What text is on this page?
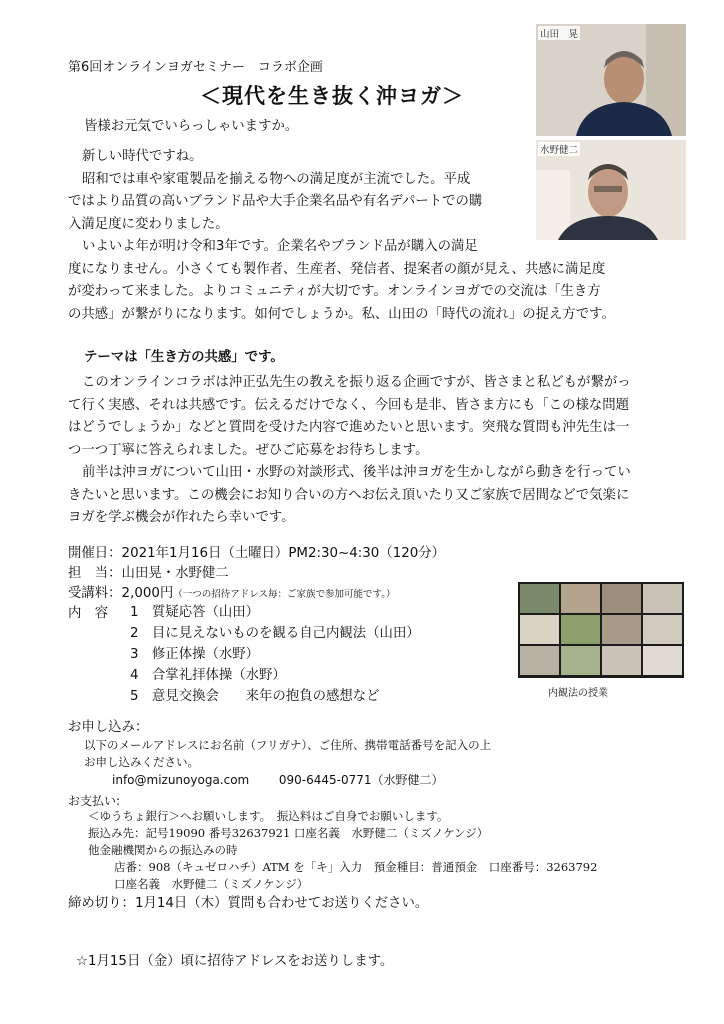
第6回オンラインヨガセミナー　コラボ企画
＜現代を生き抜く沖ヨガ＞
山田　晃
水野健二
皆様お元気でいらっしゃいますか。
新しい時代ですね。
昭和では車や家電製品を揃える物への満足度が主流でした。平成
ではより品質の高いブランド品や大手企業名品や有名デパートでの購
入満足度に変わりました。
いよいよ年が明け令和3年です。企業名やブランド品が購入の満足
度になりません。小さくても製作者、生産者、発信者、提案者の顔が見え、共感に満足度
が変わって来ました。よりコミュニティが大切です。オンラインヨガでの交流は「生き方
の共感」が繋がりになります。如何でしょうか。私、山田の「時代の流れ」の捉え方です。
テーマは「生き方の共感」です。
このオンラインコラボは沖正弘先生の教えを振り返る企画ですが、皆さまと私どもが繋がっ
て行く実感、それは共感です。伝えるだけでなく、今回も是非、皆さま方にも「この様な問題
はどうでしょうか」などと質問を受けた内容で進めたいと思います。突飛な質問も沖先生は一
つ一つ丁寧に答えられました。ぜひご応募をお待ちします。
前半は沖ヨガについて山田・水野の対談形式、後半は沖ヨガを生かしながら動きを行ってい
きたいと思います。この機会にお知り合いの方へお伝え頂いたり又ご家族で居間などで気楽に
ヨガを学ぶ機会が作れたら幸いです。
開催日：2021年1月16日（土曜日）PM2:30~4:30（120分）
担　当：山田晃・水野健二
受講料：2,000円（一つの招待アドレス毎：ご家族で参加可能です。）
内　容 1　 質疑応答（山田）
2　 目に見えないものを観る自己内観法（山田）
3　 修正体操（水野）
4　 合掌礼拝体操（水野）
5　 意見交換会　　来年の抱負の感想など	内観法の授業
お申し込み：
以下のメールアドレスにお名前（フリガナ）、ご住所、携帯電話番号を記入の上
お申し込みください。
info@mizunoyoga.com 090-6445-0771（水野健二）
お支払い:
＜ゆうちょ銀行＞へお願いします。　振込料はご自身でお願いします。
振込み先：記号19090 番号32637921 口座名義　水野健二（ミズノケンジ）
他金融機関からの振込みの時
店番：908（キュゼロハチ）ATM を「キ」入力　預金種目：普通預金　口座番号：3263792
口座名義　水野健二（ミズノケンジ）
締め切り：1月14日（木）質問も合わせてお送りください。
☆1月15日（金）頃に招待アドレスをお送りします。
